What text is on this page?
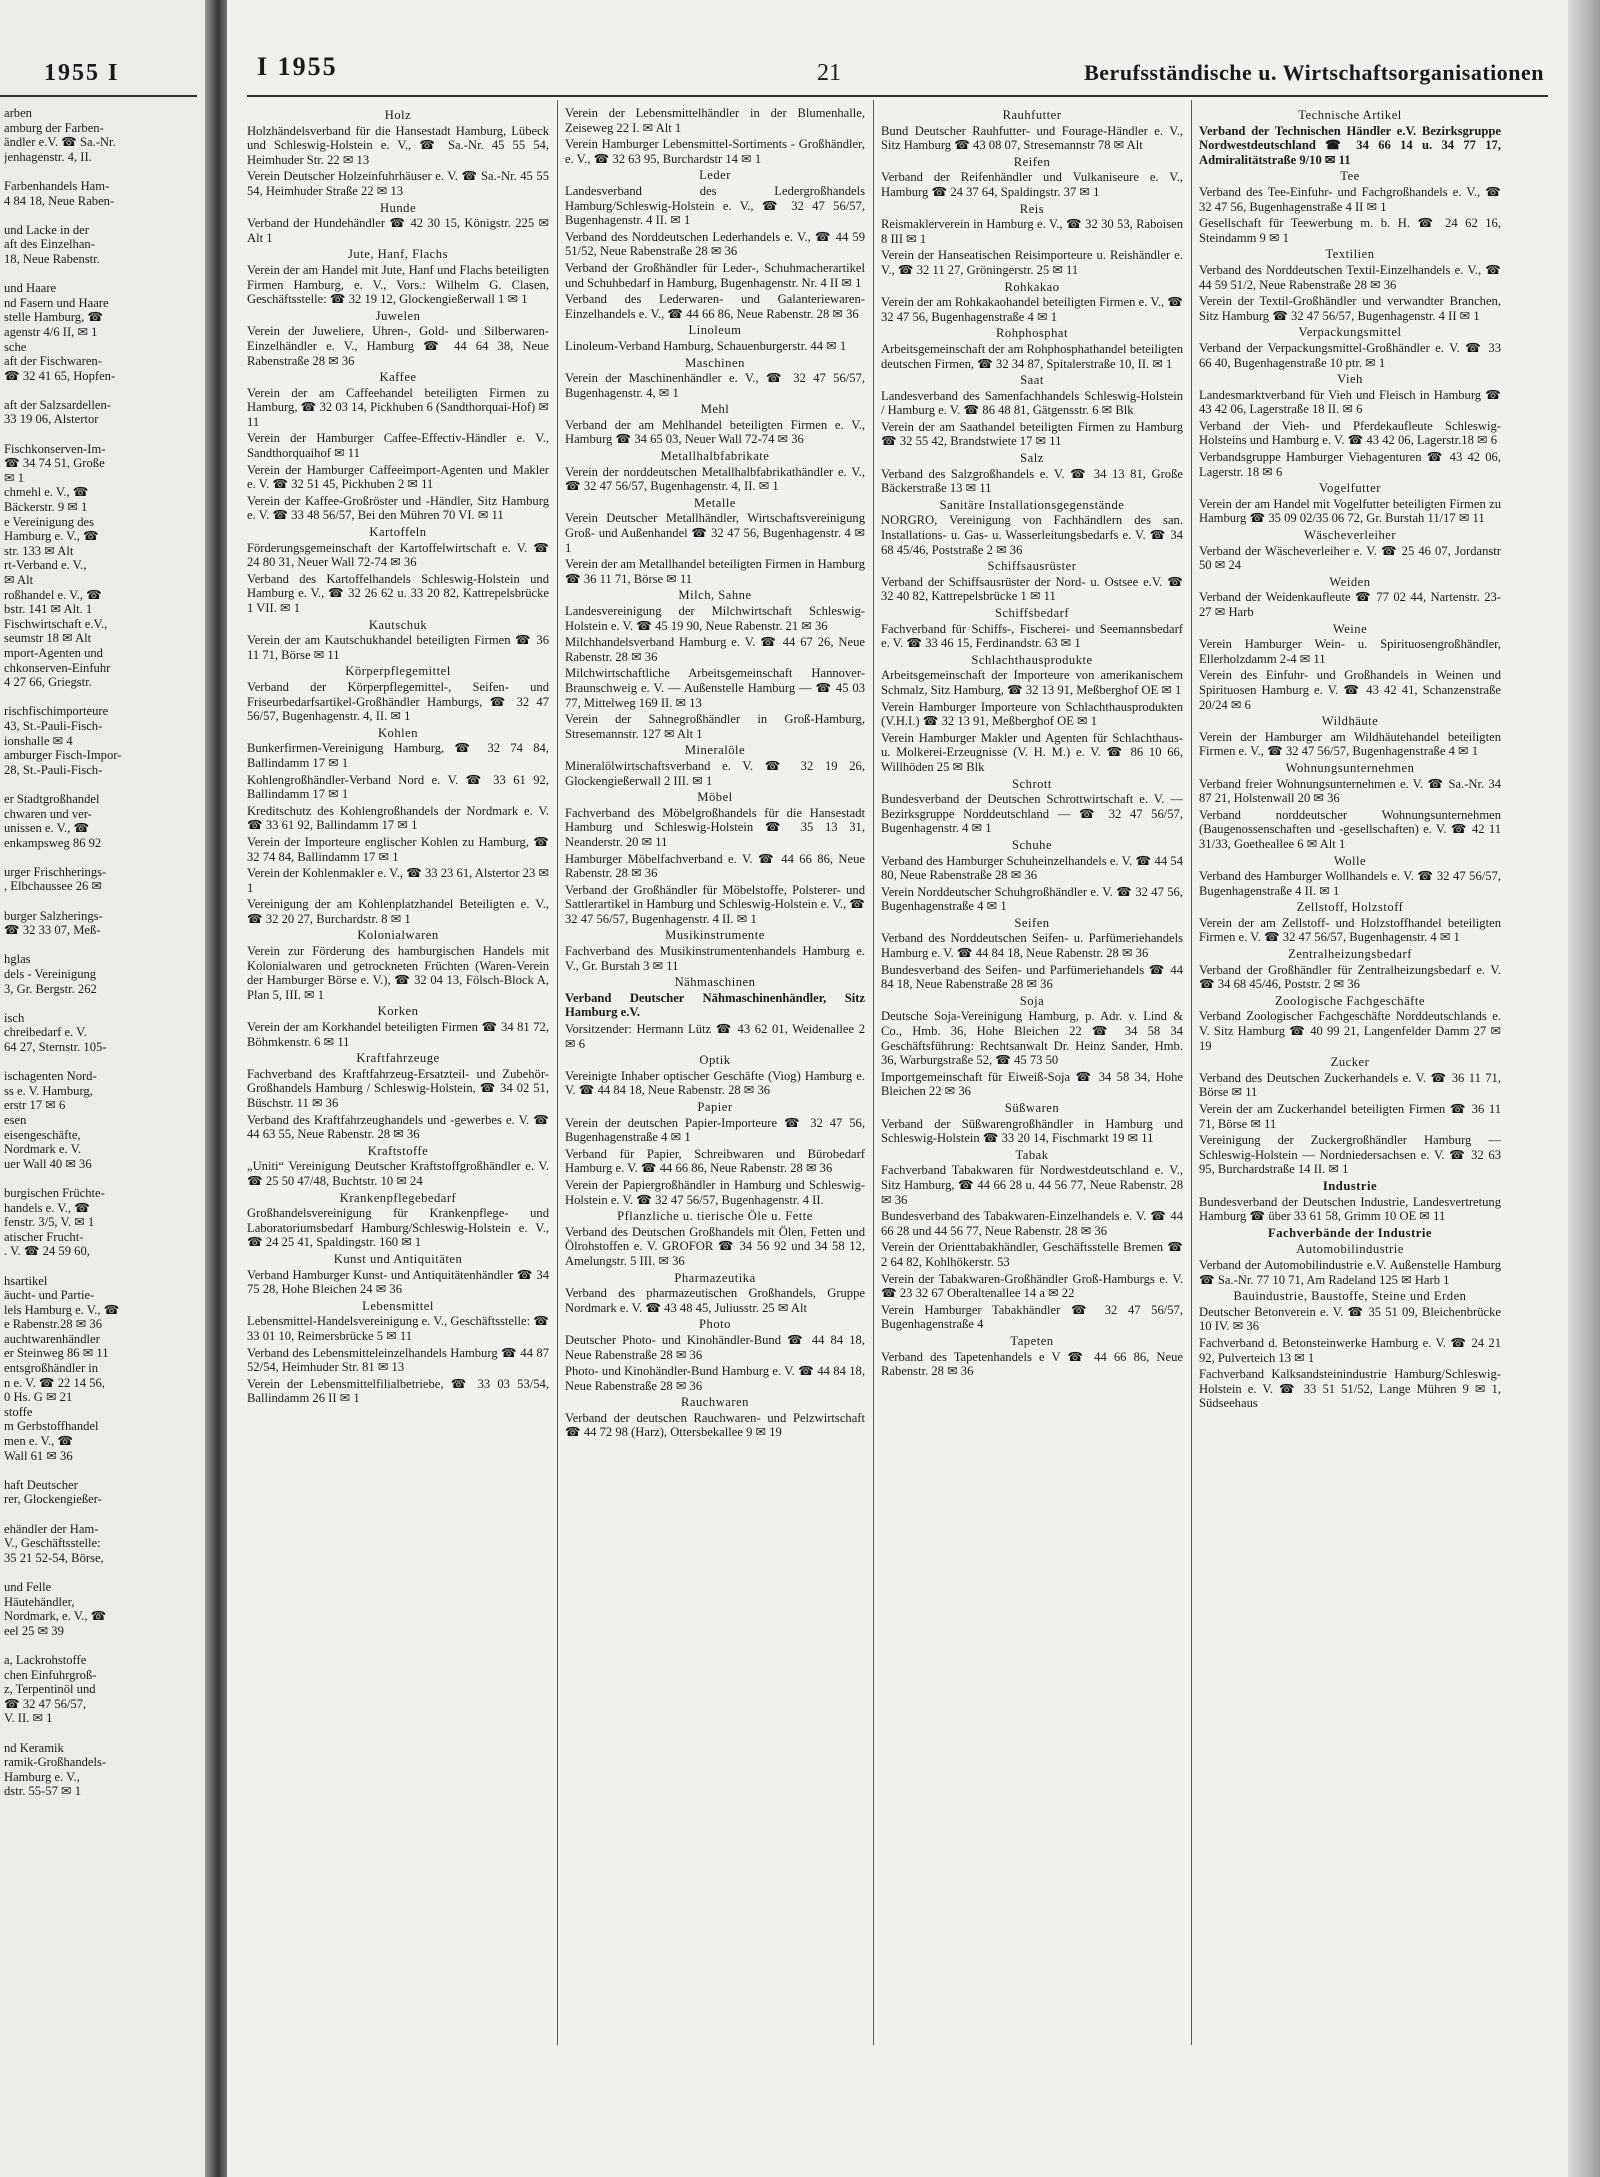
1955 I
arben
amburg der Farben-
ändler e.V. ☎ Sa.-Nr.
jenhagenstr. 4, II.

Farbenhandels Ham-
4 84 18, Neue Raben-

und Lacke in der
aft des Einzelhan-
18, Neue Rabenstr.

und Haare
nd Fasern und Haare
stelle Hamburg, ☎
agenstr 4/6 II, ✉ 1
sche
aft der Fischwaren-
☎ 32 41 65, Hopfen-

aft der Salzsardellen-
33 19 06, Alstertor

Fischkonserven-Im-
☎ 34 74 51, Große
✉ 1
chmehl e. V., ☎
Bäckerstr. 9 ✉ 1
e Vereinigung des
Hamburg e. V., ☎
str. 133 ✉ Alt
rt-Verband e. V.,
✉ Alt
roßhandel e. V., ☎
bstr. 141 ✉ Alt. 1
Fischwirtschaft e.V.,
seumstr 18 ✉ Alt
mport-Agenten und
chkonserven-Einfuhr
4 27 66, Griegstr.

rischfischimporteure
43, St.-Pauli-Fisch-
ionshalle ✉ 4
amburger Fisch-Impor-
28, St.-Pauli-Fisch-

er Stadtgroßhandel
chwaren und ver-
unissen e. V., ☎
enkampsweg 86 92

urger Frischherings-
, Elbchaussee 26 ✉

burger Salzherings-
☎ 32 33 07, Meß-

hglas
dels - Vereinigung
3, Gr. Bergstr. 262

isch
chreibedarf e. V.
64 27, Sternstr. 105-

ischagenten Nord-
ss e. V. Hamburg,
erstr 17 ✉ 6
esen
eisengeschäfte,
Nordmark e. V.
uer Wall 40 ✉ 36

burgischen Früchte-
handels e. V., ☎
fenstr. 3/5, V. ✉ 1
atischer Frucht-
. V. ☎ 24 59 60,

hsartikel
äucht- und Partie-
lels Hamburg e. V., ☎
e Rabenstr.28 ✉ 36
auchtwarenhändler
er Steinweg 86 ✉ 11
entsgroßhändler in
n e. V. ☎ 22 14 56,
0 Hs. G ✉ 21
stoffe
m Gerbstoffhandel
men e. V., ☎
Wall 61 ✉ 36

haft Deutscher
rer, Glockengießer-

ehändler der Ham-
V., Geschäftsstelle:
35 21 52-54, Börse,

und Felle
Häutehändler,
Nordmark, e. V., ☎
eel 25 ✉ 39

a, Lackrohstoffe
chen Einfuhrgroß-
z, Terpentinöl und
☎ 32 47 56/57,
V. II. ✉ 1

nd Keramik
ramik-Großhandels-
Hamburg e. V.,
dstr. 55-57 ✉ 1
I 1955	21	Berufsständische u. Wirtschaftsorganisationen
Holz
Holzhändelsverband für die Hansestadt Hamburg, Lübeck und Schleswig-Holstein e. V., ☎ Sa.-Nr. 45 55 54, Heimhuder Str. 22 ✉ 13
Verein Deutscher Holzeinfuhrhäuser e. V. ☎ Sa.-Nr. 45 55 54, Heimhuder Straße 22 ✉ 13
Hunde
Verband der Hundehändler ☎ 42 30 15, Königstr. 225 ✉ Alt 1
Jute, Hanf, Flachs
Verein der am Handel mit Jute, Hanf und Flachs beteiligten Firmen Hamburg, e. V., Vors.: Wilhelm G. Clasen, Geschäftsstelle: ☎ 32 19 12, Glockengießerwall 1 ✉ 1
Juwelen
Verein der Juweliere, Uhren-, Gold- und Silberwaren-Einzelhändler e. V., Hamburg ☎ 44 64 38, Neue Rabenstraße 28 ✉ 36
Kaffee
Verein der am Caffeehandel beteiligten Firmen zu Hamburg, ☎ 32 03 14, Pickhuben 6 (Sandthorquai-Hof) ✉ 11
Verein der Hamburger Caffee-Effectiv-Händler e. V., Sandthorquaihof ✉ 11
Verein der Hamburger Caffeeimport-Agenten und Makler e. V. ☎ 32 51 45, Pickhuben 2 ✉ 11
Verein der Kaffee-Großröster und -Händler, Sitz Hamburg e. V. ☎ 33 48 56/57, Bei den Mühren 70 VI. ✉ 11
Kartoffeln
Förderungsgemeinschaft der Kartoffelwirtschaft e. V. ☎ 24 80 31, Neuer Wall 72-74 ✉ 36
Verband des Kartoffelhandels Schleswig-Holstein und Hamburg e. V., ☎ 32 26 62 u. 33 20 82, Kattrepelsbrücke 1 VII. ✉ 1
Kautschuk
Verein der am Kautschukhandel beteiligten Firmen ☎ 36 11 71, Börse ✉ 11
Körperpflegemittel
Verband der Körperpflegemittel-, Seifen- und Friseurbedarfsartikel-Großhändler Hamburgs, ☎ 32 47 56/57, Bugenhagenstr. 4, II. ✉ 1
Kohlen
Bunkerfirmen-Vereinigung Hamburg, ☎ 32 74 84, Ballindamm 17 ✉ 1
Kohlengroßhändler-Verband Nord e. V. ☎ 33 61 92, Ballindamm 17 ✉ 1
Kreditschutz des Kohlengroßhandels der Nordmark e. V. ☎ 33 61 92, Ballindamm 17 ✉ 1
Verein der Importeure englischer Kohlen zu Hamburg, ☎ 32 74 84, Ballindamm 17 ✉ 1
Verein der Kohlenmakler e. V., ☎ 33 23 61, Alstertor 23 ✉ 1
Vereinigung der am Kohlenplatzhandel Beteiligten e. V., ☎ 32 20 27, Burchardstr. 8 ✉ 1
Kolonialwaren
Verein zur Förderung des hamburgischen Handels mit Kolonialwaren und getrockneten Früchten (Waren-Verein der Hamburger Börse e. V.), ☎ 32 04 13, Fölsch-Block A, Plan 5, III. ✉ 1
Korken
Verein der am Korkhandel beteiligten Firmen ☎ 34 81 72, Böhmkenstr. 6 ✉ 11
Kraftfahrzeuge
Fachverband des Kraftfahrzeug-Ersatzteil- und Zubehör-Großhandels Hamburg / Schleswig-Holstein, ☎ 34 02 51, Büschstr. 11 ✉ 36
Verband des Kraftfahrzeughandels und -gewerbes e. V. ☎ 44 63 55, Neue Rabenstr. 28 ✉ 36
Kraftstoffe
„Uniti“ Vereinigung Deutscher Kraftstoffgroßhändler e. V. ☎ 25 50 47/48, Buchtstr. 10 ✉ 24
Krankenpflegebedarf
Großhandelsvereinigung für Krankenpflege- und Laboratoriumsbedarf Hamburg/Schleswig-Holstein e. V., ☎ 24 25 41, Spaldingstr. 160 ✉ 1
Kunst und Antiquitäten
Verband Hamburger Kunst- und Antiquitätenhändler ☎ 34 75 28, Hohe Bleichen 24 ✉ 36
Lebensmittel
Lebensmittel-Handelsvereinigung e. V., Geschäftsstelle: ☎ 33 01 10, Reimersbrücke 5 ✉ 11
Verband des Lebensmitteleinzelhandels Hamburg ☎ 44 87 52/54, Heimhuder Str. 81 ✉ 13
Verein der Lebensmittelfilialbetriebe, ☎ 33 03 53/54, Ballindamm 26 II ✉ 1
Verein der Lebensmittelhändler in der Blumenhalle, Zeiseweg 22 I. ✉ Alt 1
Verein Hamburger Lebensmittel-Sortiments - Großhändler, e. V., ☎ 32 63 95, Burchardstr 14 ✉ 1
Leder
Landesverband des Ledergroßhandels Hamburg/Schleswig-Holstein e. V., ☎ 32 47 56/57, Bugenhagenstr. 4 II. ✉ 1
Verband des Norddeutschen Lederhandels e. V., ☎ 44 59 51/52, Neue Rabenstraße 28 ✉ 36
Verband der Großhändler für Leder-, Schuhmacherartikel und Schuhbedarf in Hamburg, Bugenhagenstr. Nr. 4 II ✉ 1
Verband des Lederwaren- und Galanteriewaren-Einzelhandels e. V., ☎ 44 66 86, Neue Rabenstr. 28 ✉ 36
Linoleum
Linoleum-Verband Hamburg, Schauenburgerstr. 44 ✉ 1
Maschinen
Verein der Maschinenhändler e. V., ☎ 32 47 56/57, Bugenhagenstr. 4, ✉ 1
Mehl
Verband der am Mehlhandel beteiligten Firmen e. V., Hamburg ☎ 34 65 03, Neuer Wall 72-74 ✉ 36
Metallhalbfabrikate
Verein der norddeutschen Metallhalbfabrikathändler e. V., ☎ 32 47 56/57, Bugenhagenstr. 4, II. ✉ 1
Metalle
Verein Deutscher Metallhändler, Wirtschaftsvereinigung Groß- und Außenhandel ☎ 32 47 56, Bugenhagenstr. 4 ✉ 1
Verein der am Metallhandel beteiligten Firmen in Hamburg ☎ 36 11 71, Börse ✉ 11
Milch, Sahne
Landesvereinigung der Milchwirtschaft Schleswig-Holstein e. V. ☎ 45 19 90, Neue Rabenstr. 21 ✉ 36
Milchhandelsverband Hamburg e. V. ☎ 44 67 26, Neue Rabenstr. 28 ✉ 36
Milchwirtschaftliche Arbeitsgemeinschaft Hannover-Braunschweig e. V. — Außenstelle Hamburg — ☎ 45 03 77, Mittelweg 169 II. ✉ 13
Verein der Sahnegroßhändler in Groß-Hamburg, Stresemannstr. 127 ✉ Alt 1
Mineralöle
Mineralölwirtschaftsverband e. V. ☎ 32 19 26, Glockengießerwall 2 III. ✉ 1
Möbel
Fachverband des Möbelgroßhandels für die Hansestadt Hamburg und Schleswig-Holstein ☎ 35 13 31, Neanderstr. 20 ✉ 11
Hamburger Möbelfachverband e. V. ☎ 44 66 86, Neue Rabenstr. 28 ✉ 36
Verband der Großhändler für Möbelstoffe, Polsterer- und Sattlerartikel in Hamburg und Schleswig-Holstein e. V., ☎ 32 47 56/57, Bugenhagenstr. 4 II. ✉ 1
Musikinstrumente
Fachverband des Musikinstrumentenhandels Hamburg e. V., Gr. Burstah 3 ✉ 11
Nähmaschinen
Verband Deutscher Nähmaschinenhändler, Sitz Hamburg e.V.
Vorsitzender: Hermann Lütz ☎ 43 62 01, Weidenallee 2 ✉ 6
Optik
Vereinigte Inhaber optischer Geschäfte (Viog) Hamburg e. V. ☎ 44 84 18, Neue Rabenstr. 28 ✉ 36
Papier
Verein der deutschen Papier-Importeure ☎ 32 47 56, Bugenhagenstraße 4 ✉ 1
Verband für Papier, Schreibwaren und Bürobedarf Hamburg e. V. ☎ 44 66 86, Neue Rabenstr. 28 ✉ 36
Verein der Papiergroßhändler in Hamburg und Schleswig-Holstein e. V. ☎ 32 47 56/57, Bugenhagenstr. 4 II.
Pflanzliche u. tierische Öle u. Fette
Verband des Deutschen Großhandels mit Ölen, Fetten und Ölrohstoffen e. V. GROFOR ☎ 34 56 92 und 34 58 12, Amelungstr. 5 III. ✉ 36
Pharmazeutika
Verband des pharmazeutischen Großhandels, Gruppe Nordmark e. V. ☎ 43 48 45, Juliusstr. 25 ✉ Alt
Photo
Deutscher Photo- und Kinohändler-Bund ☎ 44 84 18, Neue Rabenstraße 28 ✉ 36
Photo- und Kinohändler-Bund Hamburg e. V. ☎ 44 84 18, Neue Rabenstraße 28 ✉ 36
Rauchwaren
Verband der deutschen Rauchwaren- und Pelzwirtschaft ☎ 44 72 98 (Harz), Ottersbekallee 9 ✉ 19
Rauhfutter
Bund Deutscher Rauhfutter- und Fourage-Händler e. V., Sitz Hamburg ☎ 43 08 07, Stresemannstr 78 ✉ Alt
Reifen
Verband der Reifenhändler und Vulkaniseure e. V., Hamburg ☎ 24 37 64, Spaldingstr. 37 ✉ 1
Reis
Reismaklerverein in Hamburg e. V., ☎ 32 30 53, Raboisen 8 III ✉ 1
Verein der Hanseatischen Reisimporteure u. Reishändler e. V., ☎ 32 11 27, Gröningerstr. 25 ✉ 11
Rohkakao
Verein der am Rohkakaohandel beteiligten Firmen e. V., ☎ 32 47 56, Bugenhagenstraße 4 ✉ 1
Rohphosphat
Arbeitsgemeinschaft der am Rohphosphathandel beteiligten deutschen Firmen, ☎ 32 34 87, Spitalerstraße 10, II. ✉ 1
Saat
Landesverband des Samenfachhandels Schleswig-Holstein / Hamburg e. V. ☎ 86 48 81, Gätgensstr. 6 ✉ Blk
Verein der am Saathandel beteiligten Firmen zu Hamburg ☎ 32 55 42, Brandstwiete 17 ✉ 11
Salz
Verband des Salzgroßhandels e. V. ☎ 34 13 81, Große Bäckerstraße 13 ✉ 11
Sanitäre Installationsgegenstände
NORGRO, Vereinigung von Fachhändlern des san. Installations- u. Gas- u. Wasserleitungsbedarfs e. V. ☎ 34 68 45/46, Poststraße 2 ✉ 36
Schiffsausrüster
Verband der Schiffsausrüster der Nord- u. Ostsee e.V. ☎ 32 40 82, Kattrepelsbrücke 1 ✉ 11
Schiffsbedarf
Fachverband für Schiffs-, Fischerei- und Seemannsbedarf e. V. ☎ 33 46 15, Ferdinandstr. 63 ✉ 1
Schlachthausprodukte
Arbeitsgemeinschaft der Importeure von amerikanischem Schmalz, Sitz Hamburg, ☎ 32 13 91, Meßberghof OE ✉ 1
Verein Hamburger Importeure von Schlachthausprodukten (V.H.I.) ☎ 32 13 91, Meßberghof OE ✉ 1
Verein Hamburger Makler und Agenten für Schlachthaus- u. Molkerei-Erzeugnisse (V. H. M.) e. V. ☎ 86 10 66, Willhöden 25 ✉ Blk
Schrott
Bundesverband der Deutschen Schrottwirtschaft e. V. — Bezirksgruppe Norddeutschland — ☎ 32 47 56/57, Bugenhagenstr. 4 ✉ 1
Schuhe
Verband des Hamburger Schuheinzelhandels e. V. ☎ 44 54 80, Neue Rabenstraße 28 ✉ 36
Verein Norddeutscher Schuhgroßhändler e. V. ☎ 32 47 56, Bugenhagenstraße 4 ✉ 1
Seifen
Verband des Norddeutschen Seifen- u. Parfümeriehandels Hamburg e. V. ☎ 44 84 18, Neue Rabenstr. 28 ✉ 36
Bundesverband des Seifen- und Parfümeriehandels ☎ 44 84 18, Neue Rabenstraße 28 ✉ 36
Soja
Deutsche Soja-Vereinigung Hamburg, p. Adr. v. Lind & Co., Hmb. 36, Hohe Bleichen 22 ☎ 34 58 34 Geschäftsführung: Rechtsanwalt Dr. Heinz Sander, Hmb. 36, Warburgstraße 52, ☎ 45 73 50
Importgemeinschaft für Eiweiß-Soja ☎ 34 58 34, Hohe Bleichen 22 ✉ 36
Süßwaren
Verband der Süßwarengroßhändler in Hamburg und Schleswig-Holstein ☎ 33 20 14, Fischmarkt 19 ✉ 11
Tabak
Fachverband Tabakwaren für Nordwestdeutschland e. V., Sitz Hamburg, ☎ 44 66 28 u. 44 56 77, Neue Rabenstr. 28 ✉ 36
Bundesverband des Tabakwaren-Einzelhandels e. V. ☎ 44 66 28 und 44 56 77, Neue Rabenstr. 28 ✉ 36
Verein der Orienttabakhändler, Geschäftsstelle Bremen ☎ 2 64 82, Kohlhökerstr. 53
Verein der Tabakwaren-Großhändler Groß-Hamburgs e. V. ☎ 23 32 67 Oberaltenallee 14 a ✉ 22
Verein Hamburger Tabakhändler ☎ 32 47 56/57, Bugenhagenstraße 4
Tapeten
Verband des Tapetenhandels e V ☎ 44 66 86, Neue Rabenstr. 28 ✉ 36
Technische Artikel
Verband der Technischen Händler e.V. Bezirksgruppe Nordwestdeutschland ☎ 34 66 14 u. 34 77 17, Admiralitätstraße 9/10 ✉ 11
Tee
Verband des Tee-Einfuhr- und Fachgroßhandels e. V., ☎ 32 47 56, Bugenhagenstraße 4 II ✉ 1
Gesellschaft für Teewerbung m. b. H. ☎ 24 62 16, Steindamm 9 ✉ 1
Textilien
Verband des Norddeutschen Textil-Einzelhandels e. V., ☎ 44 59 51/2, Neue Rabenstraße 28 ✉ 36
Verein der Textil-Großhändler und verwandter Branchen, Sitz Hamburg ☎ 32 47 56/57, Bugenhagenstr. 4 II ✉ 1
Verpackungsmittel
Verband der Verpackungsmittel-Großhändler e. V. ☎ 33 66 40, Bugenhagenstraße 10 ptr. ✉ 1
Vieh
Landesmarktverband für Vieh und Fleisch in Hamburg ☎ 43 42 06, Lagerstraße 18 II. ✉ 6
Verband der Vieh- und Pferdekaufleute Schleswig-Holsteins und Hamburg e. V. ☎ 43 42 06, Lagerstr.18 ✉ 6
Verbandsgruppe Hamburger Viehagenturen ☎ 43 42 06, Lagerstr. 18 ✉ 6
Vogelfutter
Verein der am Handel mit Vogelfutter beteiligten Firmen zu Hamburg ☎ 35 09 02/35 06 72, Gr. Burstah 11/17 ✉ 11
Wäscheverleiher
Verband der Wäscheverleiher e. V. ☎ 25 46 07, Jordanstr 50 ✉ 24
Weiden
Verband der Weidenkaufleute ☎ 77 02 44, Nartenstr. 23-27 ✉ Harb
Weine
Verein Hamburger Wein- u. Spirituosengroßhändler, Ellerholzdamm 2-4 ✉ 11
Verein des Einfuhr- und Großhandels in Weinen und Spirituosen Hamburg e. V. ☎ 43 42 41, Schanzenstraße 20/24 ✉ 6
Wildhäute
Verein der Hamburger am Wildhäutehandel beteiligten Firmen e. V., ☎ 32 47 56/57, Bugenhagenstraße 4 ✉ 1
Wohnungsunternehmen
Verband freier Wohnungsunternehmen e. V. ☎ Sa.-Nr. 34 87 21, Holstenwall 20 ✉ 36
Verband norddeutscher Wohnungsunternehmen (Baugenossenschaften und -gesellschaften) e. V. ☎ 42 11 31/33, Goetheallee 6 ✉ Alt 1
Wolle
Verband des Hamburger Wollhandels e. V. ☎ 32 47 56/57, Bugenhagenstraße 4 II. ✉ 1
Zellstoff, Holzstoff
Verein der am Zellstoff- und Holzstoffhandel beteiligten Firmen e. V. ☎ 32 47 56/57, Bugenhagenstr. 4 ✉ 1
Zentralheizungsbedarf
Verband der Großhändler für Zentralheizungsbedarf e. V. ☎ 34 68 45/46, Poststr. 2 ✉ 36
Zoologische Fachgeschäfte
Verband Zoologischer Fachgeschäfte Norddeutschlands e. V. Sitz Hamburg ☎ 40 99 21, Langenfelder Damm 27 ✉ 19
Zucker
Verband des Deutschen Zuckerhandels e. V. ☎ 36 11 71, Börse ✉ 11
Verein der am Zuckerhandel beteiligten Firmen ☎ 36 11 71, Börse ✉ 11
Vereinigung der Zuckergroßhändler Hamburg — Schleswig-Holstein — Nordniedersachsen e. V. ☎ 32 63 95, Burchardstraße 14 II. ✉ 1
Industrie
Bundesverband der Deutschen Industrie, Landesvertretung Hamburg ☎ über 33 61 58, Grimm 10 OE ✉ 11
Fachverbände der Industrie
Automobilindustrie
Verband der Automobilindustrie e.V. Außenstelle Hamburg ☎ Sa.-Nr. 77 10 71, Am Radeland 125 ✉ Harb 1
Bauindustrie, Baustoffe, Steine und Erden
Deutscher Betonverein e. V. ☎ 35 51 09, Bleichenbrücke 10 IV. ✉ 36
Fachverband d. Betonsteinwerke Hamburg e. V. ☎ 24 21 92, Pulverteich 13 ✉ 1
Fachverband Kalksandsteinindustrie Hamburg/Schleswig-Holstein e. V. ☎ 33 51 51/52, Lange Mühren 9 ✉ 1, Südseehaus
